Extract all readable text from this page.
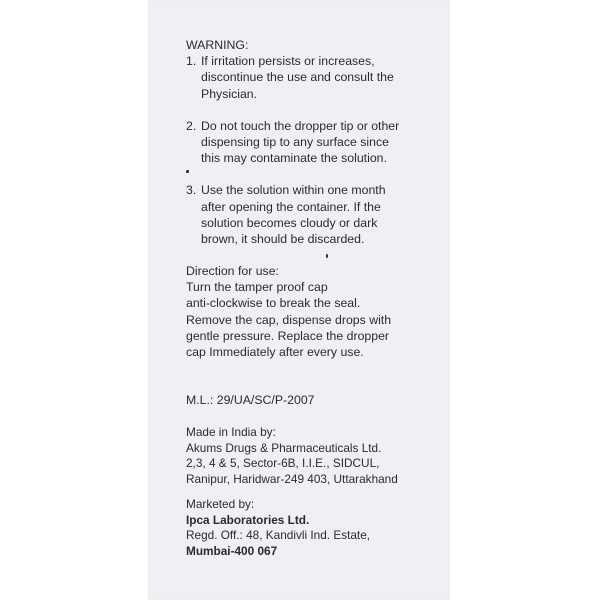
WARNING:
1. If irritation persists or increases,
discontinue the use and consult the
Physician.
2. Do not touch the dropper tip or other
dispensing tip to any surface since
this may contaminate the solution.
3. Use the solution within one month
after opening the container. If the
solution becomes cloudy or dark
brown, it should be discarded.
Direction for use:
Turn the tamper proof cap
anti-clockwise to break the seal.
Remove the cap, dispense drops with
gentle pressure. Replace the dropper
cap Immediately after every use.
M.L.: 29/UA/SC/P-2007
Made in India by:
Akums Drugs & Pharmaceuticals Ltd.
2,3, 4 & 5, Sector-6B, I.I.E., SIDCUL,
Ranipur, Haridwar-249 403, Uttarakhand
Marketed by:
Ipca Laboratories Ltd.
Regd. Off.: 48, Kandivli Ind. Estate,
Mumbai-400 067
